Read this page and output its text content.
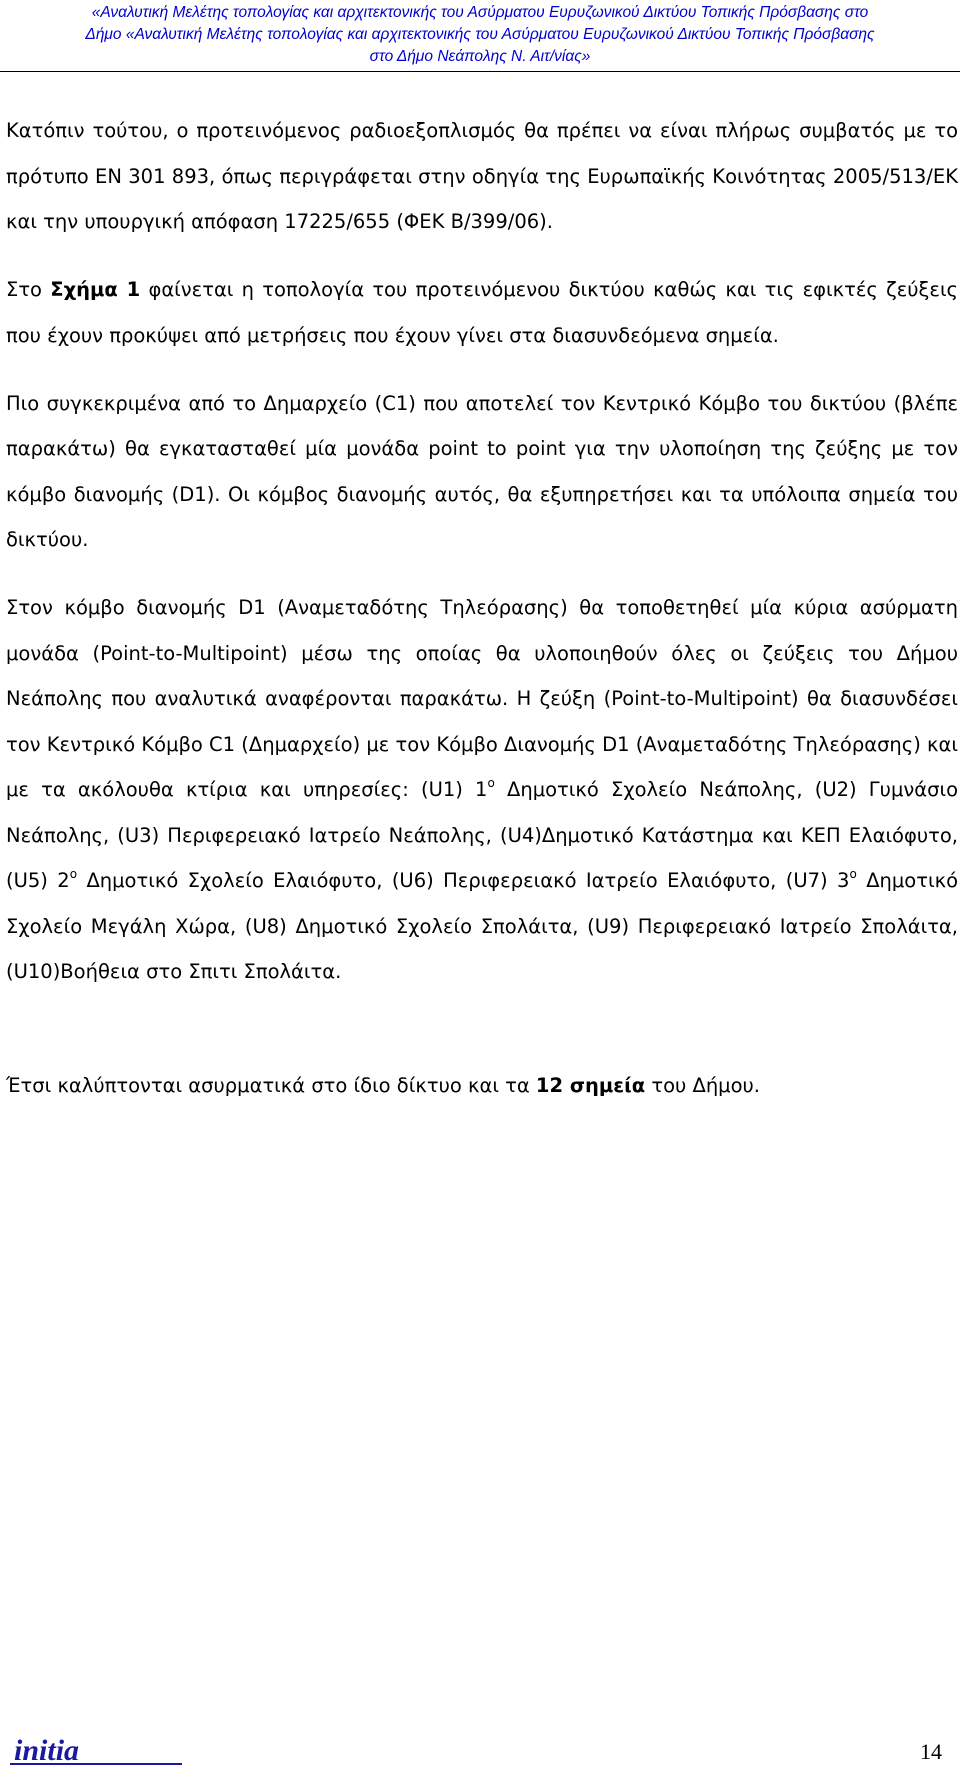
«Αναλυτική Μελέτης τοπολογίας και αρχιτεκτονικής του Ασύρματου Ευρυζωνικού Δικτύου Τοπικής Πρόσβασης στο
Δήμο «Αναλυτική Μελέτης τοπολογίας και αρχιτεκτονικής του Ασύρματου Ευρυζωνικού Δικτύου Τοπικής Πρόσβασης
στο Δήμο Νεάπολης Ν. Αιτ/νίας»

Κατόπιν τούτου, ο προτεινόμενος ραδιοεξοπλισμός θα πρέπει να είναι πλήρως συμβατός με το πρότυπο EN 301 893, όπως περιγράφεται στην οδηγία της Ευρωπαϊκής Κοινότητας 2005/513/ΕΚ και την υπουργική απόφαση 17225/655 (ΦΕΚ Β/399/06).

Στο Σχήμα 1 φαίνεται η τοπολογία του προτεινόμενου δικτύου καθώς και τις εφικτές ζεύξεις που έχουν προκύψει από μετρήσεις που έχουν γίνει στα διασυνδεόμενα σημεία.

Πιο συγκεκριμένα από το Δημαρχείο (C1) που αποτελεί τον Κεντρικό Κόμβο του δικτύου (βλέπε παρακάτω) θα εγκατασταθεί μία μονάδα point to point για την υλοποίηση της ζεύξης με τον κόμβο διανομής (D1). Οι κόμβος διανομής αυτός, θα εξυπηρετήσει και τα υπόλοιπα σημεία του δικτύου.

Στον κόμβο διανομής D1 (Αναμεταδότης Τηλεόρασης) θα τοποθετηθεί μία κύρια ασύρματη μονάδα (Point-to-Multipoint) μέσω της οποίας θα υλοποιηθούν όλες οι ζεύξεις του Δήμου Νεάπολης που αναλυτικά αναφέρονται παρακάτω. Η ζεύξη (Point-to-Multipoint) θα διασυνδέσει τον Κεντρικό Κόμβο C1 (Δημαρχείο) με τον Κόμβο Διανομής D1 (Αναμεταδότης Τηλεόρασης) και με τα ακόλουθα κτίρια και υπηρεσίες: (U1) $1^o$ Δημοτικό Σχολείο Νεάπολης, (U2) Γυμνάσιο Νεάπολης, (U3) Περιφερειακό Ιατρείο Νεάπολης, (U4)Δημοτικό Κατάστημα και ΚΕΠ Ελαιόφυτο, (U5) $2^o$ Δημοτικό Σχολείο Ελαιόφυτο, (U6) Περιφερειακό Ιατρείο Ελαιόφυτο, (U7) $3^o$ Δημοτικό Σχολείο Μεγάλη Χώρα, (U8) Δημοτικό Σχολείο Σπολάιτα, (U9) Περιφερειακό Ιατρείο Σπολάιτα, (U10)Βοήθεια στο Σπιτι Σπολάιτα.

Έτσι καλύπτονται ασυρματικά στο ίδιο δίκτυο και τα 12 σημεία του Δήμου.

initia	14
